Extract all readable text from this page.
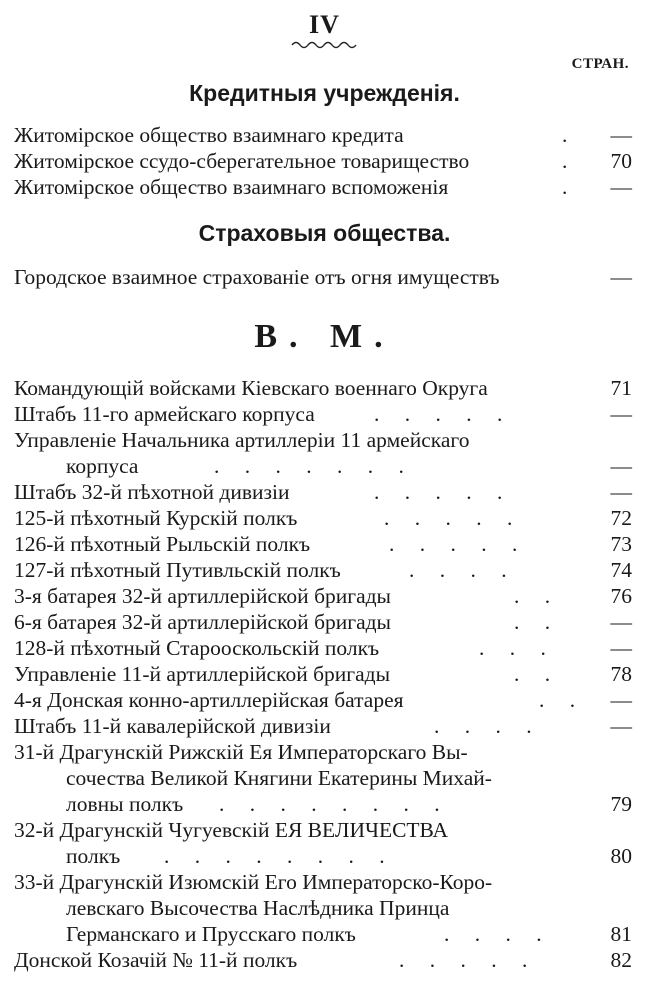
IV
СТРАН.
Кредитныя учрежденія.
Житомірское общество взаимнаго кредита	.	—
Житомірское ссудо-сберегательное товарищество	.	70
Житомірское общество взаимнаго вспоможенія	.	—
Страховыя общества.
Городское взаимное страхованіе отъ огня имуществъ	—
В. М.
Командующій войсками Кіевскаго военнаго Округа	71
Штабъ 11-го армейскаго корпуса	. . . . .	—
Управленіе Начальника артиллеріи 11 армейскаго
корпуса	. . . . . . .	—
Штабъ 32-й пѣхотной дивизіи	. . . . .	—
125-й пѣхотный Курскій полкъ	. . . . .	72
126-й пѣхотный Рыльскій полкъ	. . . . .	73
127-й пѣхотный Путивльскій полкъ	. . . .	74
3-я батарея 32-й артиллерійской бригады	. .	76
6-я батарея 32-й артиллерійской бригады	. .	—
128-й пѣхотный Старооскольскій полкъ	. . .	—
Управленіе 11-й артиллерійской бригады	. .	78
4-я Донская конно-артиллерійская батарея	. .	—
Штабъ 11-й кавалерійской дивизіи	. . . .	—
31-й Драгунскій Рижскій Ея Императорскаго Вы-
сочества Великой Княгини Екатерины Михай-
ловны полкъ . . . . . . . .	79
32-й Драгунскій Чугуевскій ЕЯ ВЕЛИЧЕСТВА
полкъ . . . . . . . .	80
33-й Драгунскій Изюмскій Его Императорско-Коро-
левскаго Высочества Наслѣдника Принца
Германскаго и Прусскаго полкъ	. . . .	81
Донской Козачій № 11-й полкъ	. . . . .	82
